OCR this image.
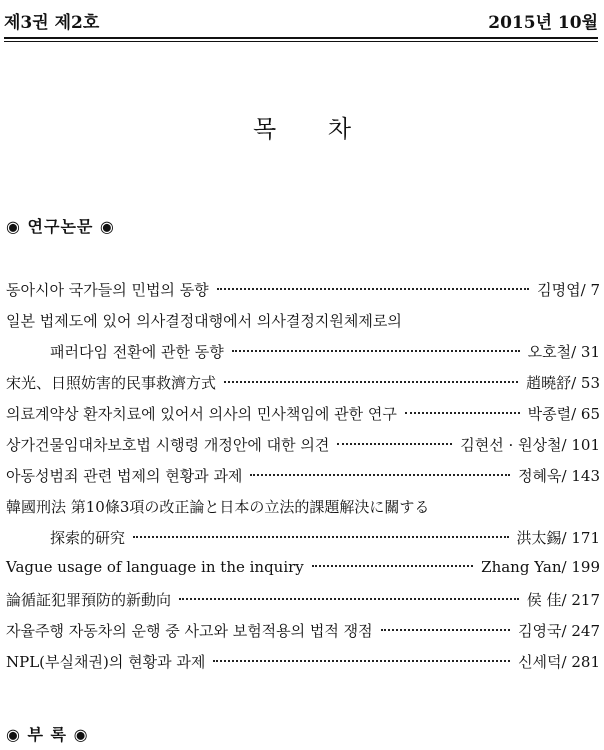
제3권 제2호	2015년 10월
목 차
◉ 연구논문 ◉
동아시아 국가들의 민법의 동향	김명엽/ 7
일본 법제도에 있어 의사결정대행에서 의사결정지원체제로의
패러다임 전환에 관한 동향	오호철/ 31
宋光、日照妨害的民事救濟方式	趙曉舒/ 53
의료계약상 환자치료에 있어서 의사의 민사책임에 관한 연구	박종렬/ 65
상가건물임대차보호법 시행령 개정안에 대한 의견	김현선 · 원상철/ 101
아동성범죄 관련 법제의 현황과 과제	정혜욱/ 143
韓國刑法 第10條3項の改正論と日本の立法的課題解決に關する
探索的研究	洪太錫/ 171
Vague usage of language in the inquiry	Zhang Yan/ 199
論循証犯罪預防的新動向	侯 佳/ 217
자율주행 자동차의 운행 중 사고와 보험적용의 법적 쟁점	김영국/ 247
NPL(부실채권)의 현황과 과제	신세덕/ 281
◉ 부 록 ◉
